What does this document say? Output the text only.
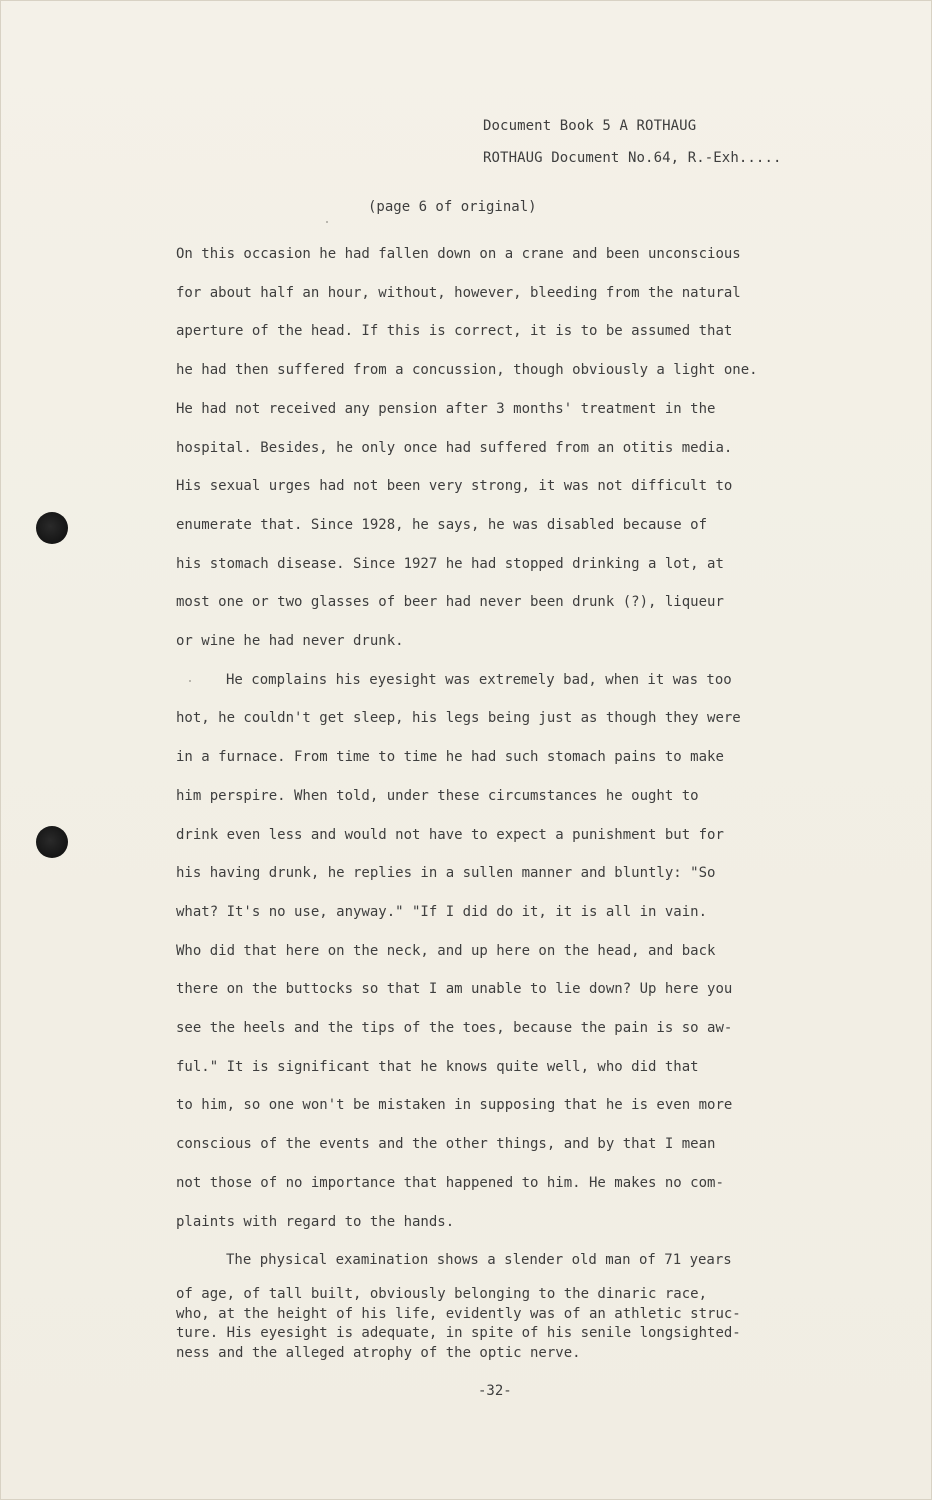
Document Book 5 A ROTHAUG
ROTHAUG Document No.64, R.-Exh.....
(page 6 of original)

On this occasion he had fallen down on a crane and been unconscious
for about half an hour, without, however, bleeding from the natural
aperture of the head. If this is correct, it is to be assumed that
he had then suffered from a concussion, though obviously a light one.
He had not received any pension after 3 months' treatment in the
hospital. Besides, he only once had suffered from an otitis media.
His sexual urges had not been very strong, it was not difficult to
enumerate that. Since 1928, he says, he was disabled because of
his stomach disease. Since 1927 he had stopped drinking a lot, at
most one or two glasses of beer had never been drunk (?), liqueur
or wine he had never drunk.

He complains his eyesight was extremely bad, when it was too
hot, he couldn't get sleep, his legs being just as though they were
in a furnace. From time to time he had such stomach pains to make
him perspire. When told, under these circumstances he ought to
drink even less and would not have to expect a punishment but for
his having drunk, he replies in a sullen manner and bluntly: "So
what? It's no use, anyway." "If I did do it, it is all in vain.
Who did that here on the neck, and up here on the head, and back
there on the buttocks so that I am unable to lie down? Up here you
see the heels and the tips of the toes, because the pain is so aw-
ful." It is significant that he knows quite well, who did that
to him, so one won't be mistaken in supposing that he is even more
conscious of the events and the other things, and by that I mean
not those of no importance that happened to him. He makes no com-
plaints with regard to the hands.

The physical examination shows a slender old man of 71 years

of age, of tall built, obviously belonging to the dinaric race,
who, at the height of his life, evidently was of an athletic struc-
ture. His eyesight is adequate, in spite of his senile longsighted-
ness and the alleged atrophy of the optic nerve.
-32-
